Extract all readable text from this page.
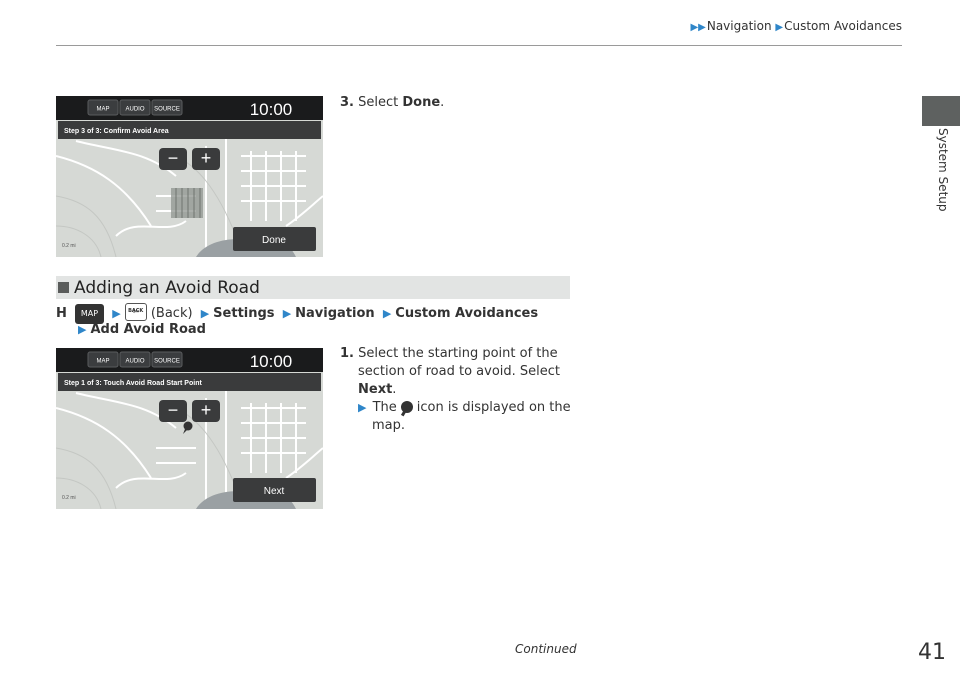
▶▶Navigation ▶Custom Avoidances
System Setup
MAP	AUDIO SOURCE	10:00
Step 3 of 3: Confirm Avoid Area
− +
0.2 mi	Done
3. Select Done.
Adding an Avoid Road
H MAP ▶⇦ BACK (Back) ▶ Settings ▶ Navigation ▶ Custom Avoidances
▶ Add Avoid Road
MAP	AUDIO SOURCE	10:00
Step 1 of 3: Touch Avoid Road Start Point
− +
0.2 mi
Next
1. Select the starting point of the
section of road to avoid. Select
Next.
▶ The icon is displayed on the
map.
Continued	41
